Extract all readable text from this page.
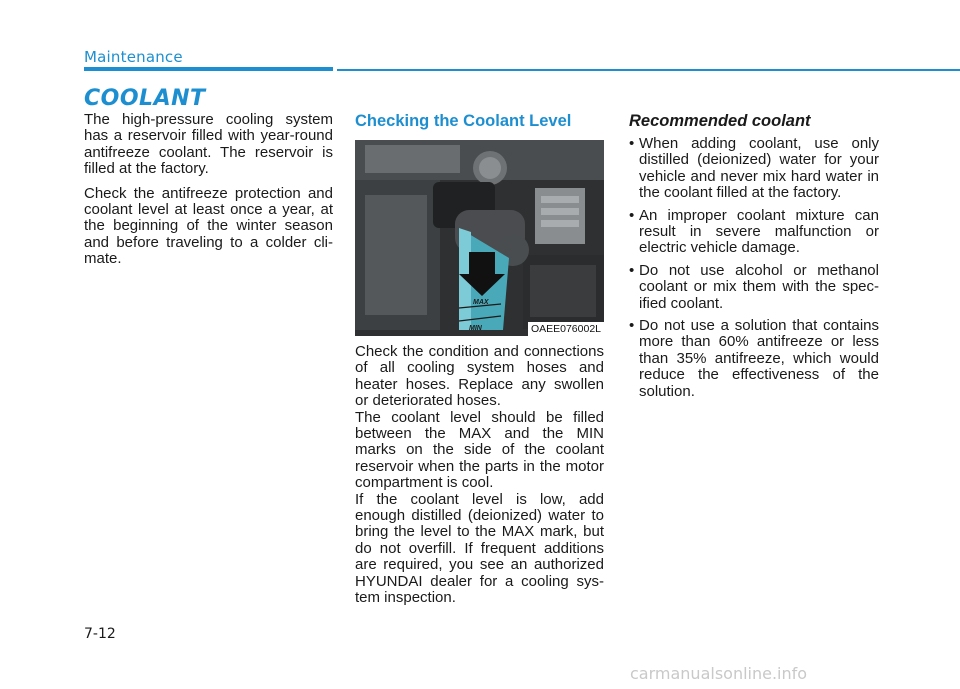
Maintenance
COOLANT

The high-pressure cooling system has a reservoir filled with year-round antifreeze coolant. The reservoir is filled at the factory.

Check the antifreeze protection and coolant level at least once a year, at the beginning of the winter season and before traveling to a colder cli-mate.

Checking the Coolant Level
MAX
MIN	OAEE076002L

Check the condition and connections of all cooling system hoses and heater hoses. Replace any swollen or deteriorated hoses.

The coolant level should be filled between the MAX and the MIN marks on the side of the coolant reservoir when the parts in the motor compartment is cool.

If the coolant level is low, add enough distilled (deionized) water to bring the level to the MAX mark, but do not overfill. If frequent additions are required, you see an authorized HYUNDAI dealer for a cooling sys-tem inspection.

Recommended coolant
• When adding coolant, use only distilled (deionized) water for your vehicle and never mix hard water in the coolant filled at the factory.
• An improper coolant mixture can result in severe malfunction or electric vehicle damage.
• Do not use alcohol or methanol coolant or mix them with the spec-ified coolant.
• Do not use a solution that contains more than 60% antifreeze or less than 35% antifreeze, which would reduce the effectiveness of the solution.
7-12
carmanualsonline.info
